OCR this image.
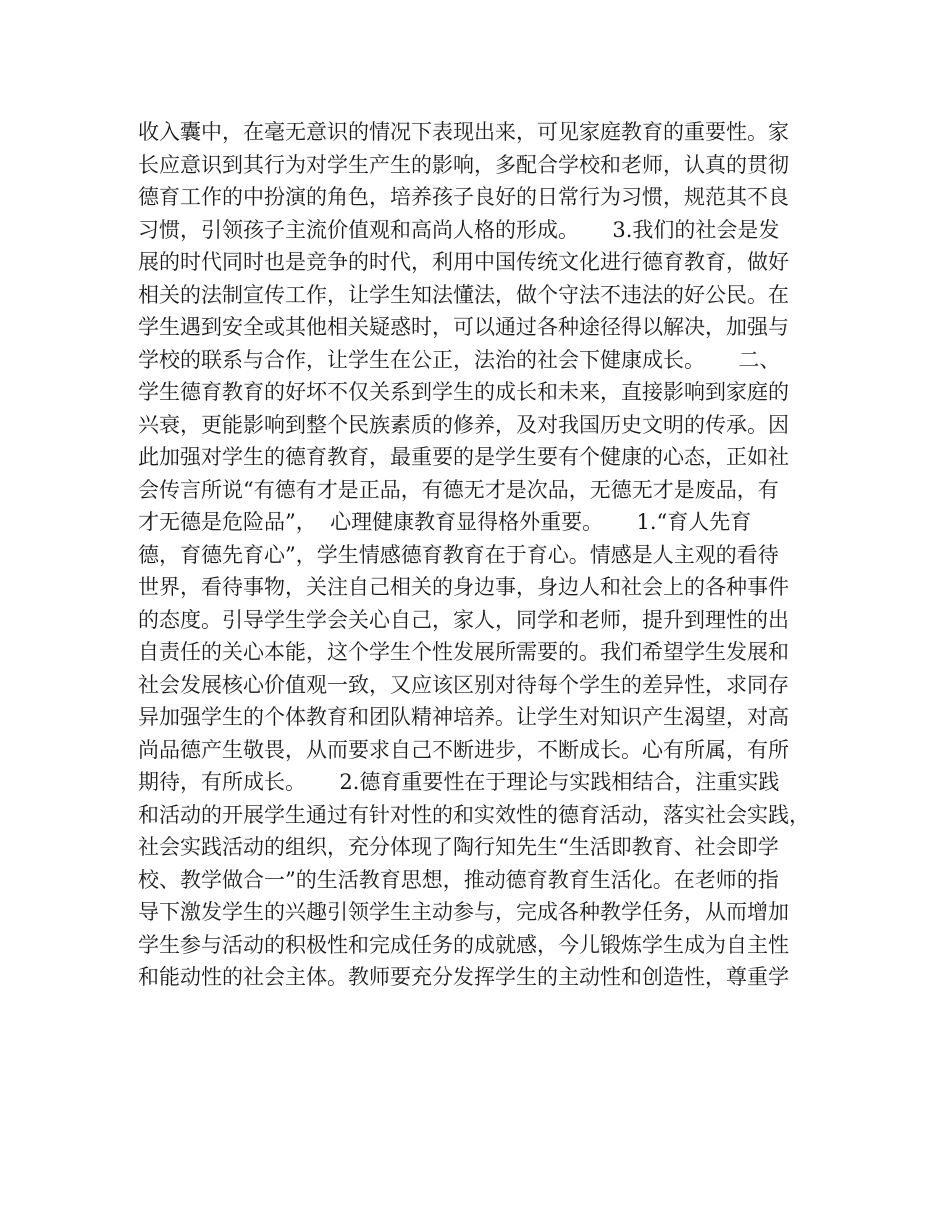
收入囊中，在毫无意识的情况下表现出来，可见家庭教育的重要性。家
长应意识到其行为对学生产生的影响，多配合学校和老师，认真的贯彻
德育工作的中扮演的角色，培养孩子良好的日常行为习惯，规范其不良
习惯，引领孩子主流价值观和高尚人格的形成。     3.我们的社会是发
展的时代同时也是竞争的时代，利用中国传统文化进行德育教育，做好
相关的法制宣传工作，让学生知法懂法，做个守法不违法的好公民。在
学生遇到安全或其他相关疑惑时，可以通过各种途径得以解决，加强与
学校的联系与合作，让学生在公正，法治的社会下健康成长。     二、
学生德育教育的好坏不仅关系到学生的成长和未来，直接影响到家庭的
兴衰，更能影响到整个民族素质的修养，及对我国历史文明的传承。因
此加强对学生的德育教育，最重要的是学生要有个健康的心态，正如社
会传言所说“有德有才是正品，有德无才是次品，无德无才是废品，有
才无德是危险品”，  心理健康教育显得格外重要。     1.“育人先育
德，育德先育心”，学生情感德育教育在于育心。情感是人主观的看待
世界，看待事物，关注自己相关的身边事，身边人和社会上的各种事件
的态度。引导学生学会关心自己，家人，同学和老师，提升到理性的出
自责任的关心本能，这个学生个性发展所需要的。我们希望学生发展和
社会发展核心价值观一致，又应该区别对待每个学生的差异性，求同存
异加强学生的个体教育和团队精神培养。让学生对知识产生渴望，对高
尚品德产生敬畏，从而要求自己不断进步，不断成长。心有所属，有所
期待，有所成长。     2.德育重要性在于理论与实践相结合，注重实践
和活动的开展学生通过有针对性的和实效性的德育活动，落实社会实践，
社会实践活动的组织，充分体现了陶行知先生“生活即教育、社会即学
校、教学做合一”的生活教育思想，推动德育教育生活化。在老师的指
导下激发学生的兴趣引领学生主动参与，完成各种教学任务，从而增加
学生参与活动的积极性和完成任务的成就感，今儿锻炼学生成为自主性
和能动性的社会主体。教师要充分发挥学生的主动性和创造性，尊重学
